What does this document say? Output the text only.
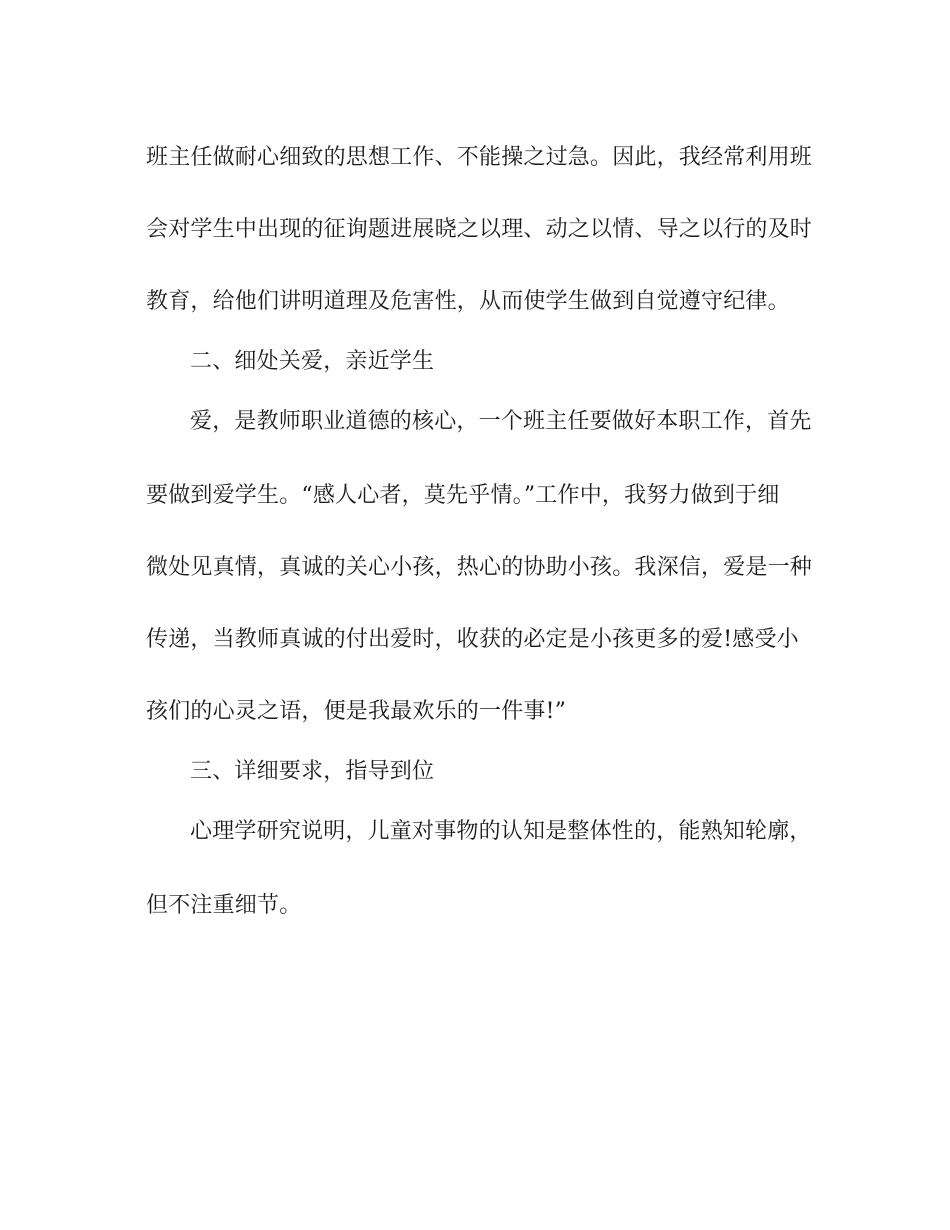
班主任做耐心细致的思想工作、不能操之过急。因此，我经常利用班

会对学生中出现的征询题进展晓之以理、动之以情、导之以行的及时

教育，给他们讲明道理及危害性，从而使学生做到自觉遵守纪律。

二、细处关爱，亲近学生

爱，是教师职业道德的核心，一个班主任要做好本职工作，首先

要做到爱学生。“感人心者，莫先乎情。”工作中，我努力做到于细

微处见真情，真诚的关心小孩，热心的协助小孩。我深信，爱是一种

传递，当教师真诚的付出爱时，收获的必定是小孩更多的爱!感受小

孩们的心灵之语，便是我最欢乐的一件事!”

三、详细要求，指导到位

心理学研究说明，儿童对事物的认知是整体性的，能熟知轮廓，

但不注重细节。
